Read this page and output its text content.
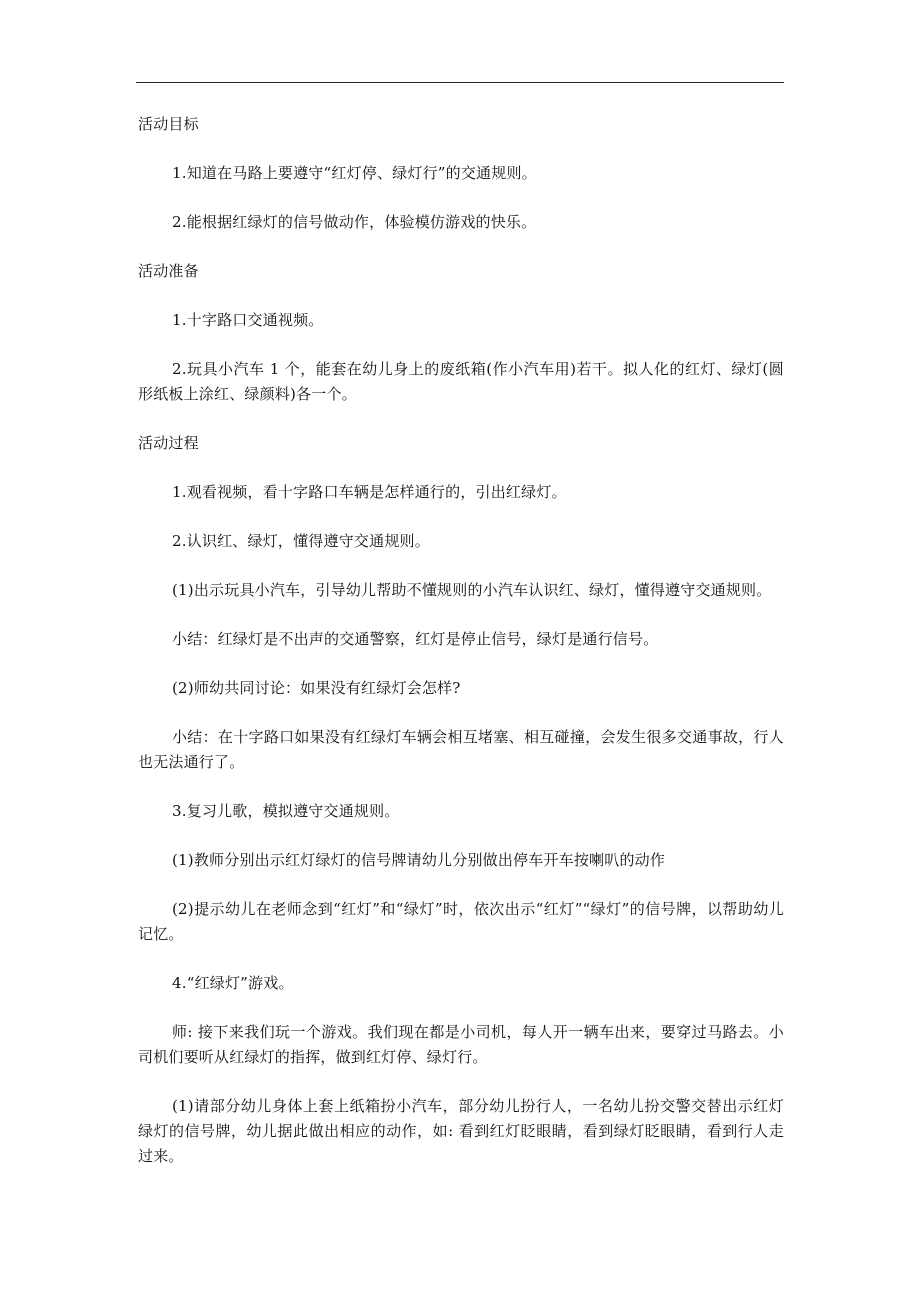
活动目标

1.知道在马路上要遵守“红灯停、绿灯行”的交通规则。

2.能根据红绿灯的信号做动作，体验模仿游戏的快乐。

活动准备

1.十字路口交通视频。

2.玩具小汽车 1 个，能套在幼儿身上的废纸箱(作小汽车用)若干。拟人化的红灯、绿灯(圆形纸板上涂红、绿颜料)各一个。

活动过程

1.观看视频，看十字路口车辆是怎样通行的，引出红绿灯。

2.认识红、绿灯，懂得遵守交通规则。

(1)出示玩具小汽车，引导幼儿帮助不懂规则的小汽车认识红、绿灯，懂得遵守交通规则。

小结：红绿灯是不出声的交通警察，红灯是停止信号，绿灯是通行信号。

(2)师幼共同讨论：如果没有红绿灯会怎样?

小结：在十字路口如果没有红绿灯车辆会相互堵塞、相互碰撞，会发生很多交通事故，行人也无法通行了。

3.复习儿歌，模拟遵守交通规则。

(1)教师分别出示红灯绿灯的信号牌请幼儿分别做出停车开车按喇叭的动作

(2)提示幼儿在老师念到“红灯”和“绿灯”时，依次出示“红灯”“绿灯”的信号牌，以帮助幼儿记忆。

4.“红绿灯”游戏。

师: 接下来我们玩一个游戏。我们现在都是小司机，每人开一辆车出来，要穿过马路去。小司机们要听从红绿灯的指挥，做到红灯停、绿灯行。

(1)请部分幼儿身体上套上纸箱扮小汽车，部分幼儿扮行人，一名幼儿扮交警交替出示红灯绿灯的信号牌，幼儿据此做出相应的动作，如: 看到红灯眨眼睛，看到绿灯眨眼睛，看到行人走过来。
